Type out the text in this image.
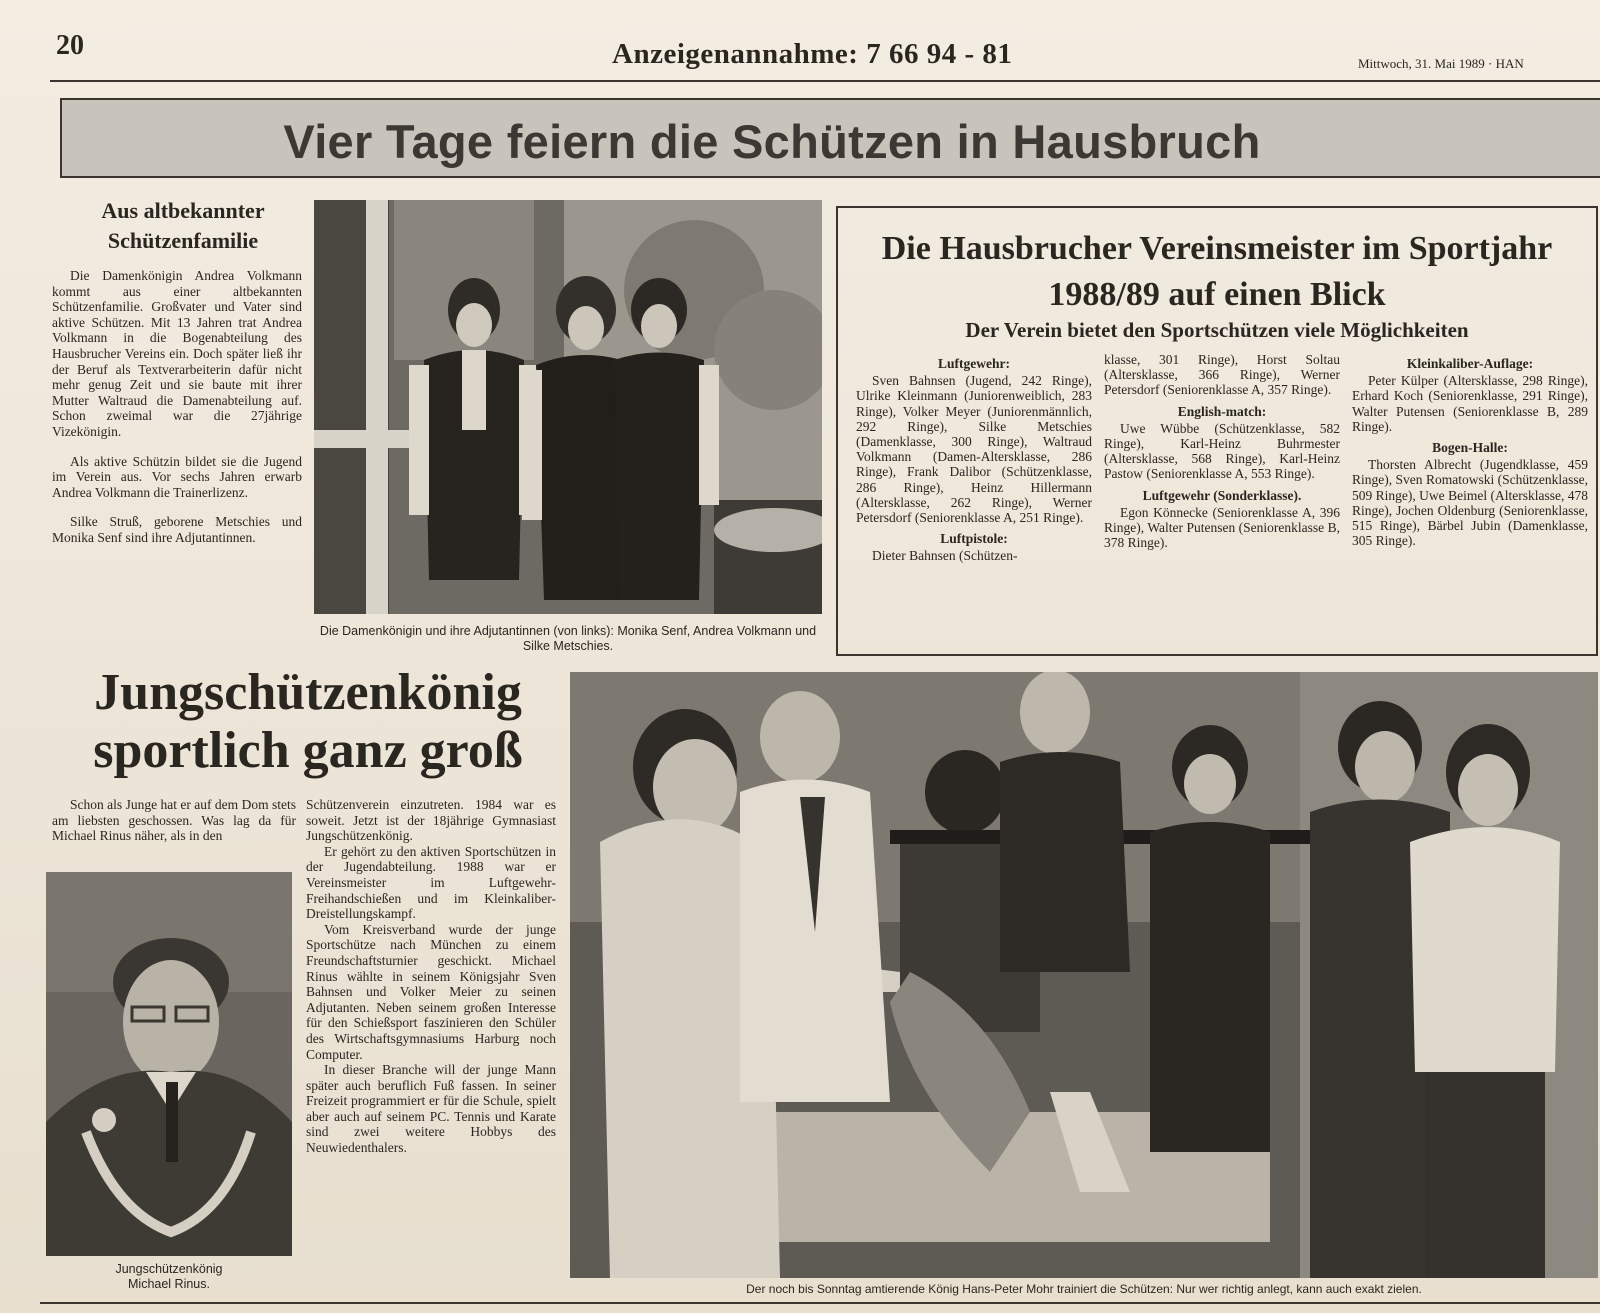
20	Anzeigenannahme: 7 66 94 - 81	Mittwoch, 31. Mai 1989 · HAN
Vier Tage feiern die Schützen in Hausbruch
Aus altbekannter Schützenfamilie

Die Damenkönigin Andrea Volkmann kommt aus einer altbekannten Schützenfamilie. Großvater und Vater sind aktive Schützen. Mit 13 Jahren trat Andrea Volkmann in die Bogenabteilung des Hausbrucher Vereins ein. Doch später ließ ihr der Beruf als Textverarbeiterin dafür nicht mehr genug Zeit und sie baute mit ihrer Mutter Waltraud die Damenabteilung auf. Schon zweimal war die 27jährige Vizekönigin.

Als aktive Schützin bildet sie die Jugend im Verein aus. Vor sechs Jahren erwarb Andrea Volkmann die Trainerlizenz.

Silke Struß, geborene Metschies und Monika Senf sind ihre Adjutantinnen.

Die Damenkönigin und ihre Adjutantinnen (von links): Monika Senf, Andrea Volkmann und Silke Metschies.
Die Hausbrucher Vereinsmeister im Sportjahr 1988/89 auf einen Blick
Der Verein bietet den Sportschützen viele Möglichkeiten
Luftgewehr:

Sven Bahnsen (Jugend, 242 Ringe), Ulrike Kleinmann (Juniorenweiblich, 283 Ringe), Volker Meyer (Juniorenmännlich, 292 Ringe), Silke Metschies (Damenklasse, 300 Ringe), Waltraud Volkmann (Damen-Altersklasse, 286 Ringe), Frank Dalibor (Schützenklasse, 286 Ringe), Heinz Hillermann (Altersklasse, 262 Ringe), Werner Petersdorf (Seniorenklasse A, 251 Ringe).

Luftpistole:

Dieter Bahnsen (Schützen-

klasse, 301 Ringe), Horst Soltau (Altersklasse, 366 Ringe), Werner Petersdorf (Seniorenklasse A, 357 Ringe).

English-match:

Uwe Wübbe (Schützenklasse, 582 Ringe), Karl-Heinz Buhrmester (Altersklasse, 568 Ringe), Karl-Heinz Pastow (Seniorenklasse A, 553 Ringe).

Luftgewehr (Sonderklasse).

Egon Könnecke (Seniorenklasse A, 396 Ringe), Walter Putensen (Seniorenklasse B, 378 Ringe).

Kleinkaliber-Auflage:

Peter Külper (Altersklasse, 298 Ringe), Erhard Koch (Seniorenklasse, 291 Ringe), Walter Putensen (Seniorenklasse B, 289 Ringe).

Bogen-Halle:

Thorsten Albrecht (Jugendklasse, 459 Ringe), Sven Romatowski (Schützenklasse, 509 Ringe), Uwe Beimel (Altersklasse, 478 Ringe), Jochen Oldenburg (Seniorenklasse, 515 Ringe), Bärbel Jubin (Damenklasse, 305 Ringe).

Jungschützenkönig sportlich ganz groß

Schon als Junge hat er auf dem Dom stets am liebsten geschossen. Was lag da für Michael Rinus näher, als in den

Jungschützenkönig
Michael Rinus.

Schützenverein einzutreten. 1984 war es soweit. Jetzt ist der 18jährige Gymnasiast Jungschützenkönig.

Er gehört zu den aktiven Sportschützen in der Jugendabteilung. 1988 war er Vereinsmeister im Luftgewehr-Freihandschießen und im Kleinkaliber-Dreistellungskampf.

Vom Kreisverband wurde der junge Sportschütze nach München zu einem Freundschaftsturnier geschickt. Michael Rinus wählte in seinem Königsjahr Sven Bahnsen und Volker Meier zu seinen Adjutanten. Neben seinem großen Interesse für den Schießsport faszinieren den Schüler des Wirtschaftsgymnasiums Harburg noch Computer.

In dieser Branche will der junge Mann später auch beruflich Fuß fassen. In seiner Freizeit programmiert er für die Schule, spielt aber auch auf seinem PC. Tennis und Karate sind zwei weitere Hobbys des Neuwiedenthalers.

Der noch bis Sonntag amtierende König Hans-Peter Mohr trainiert die Schützen: Nur wer richtig anlegt, kann auch exakt zielen.
